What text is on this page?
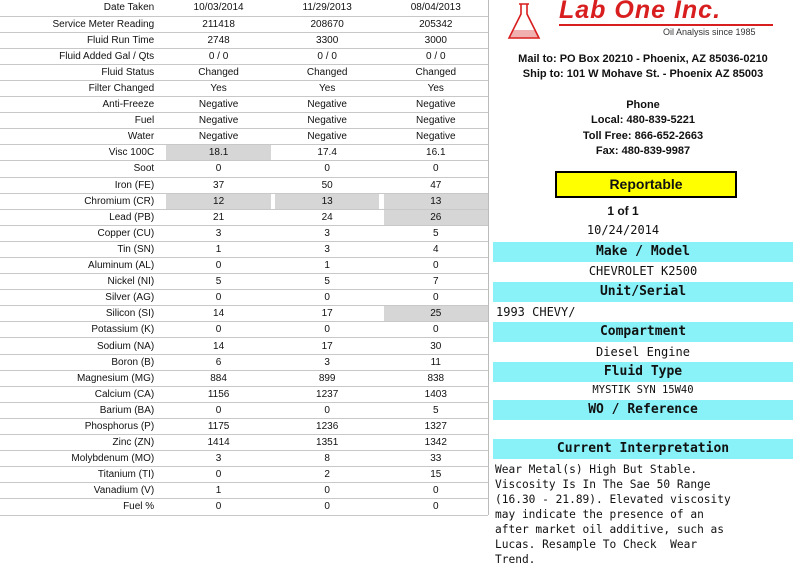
Date Taken		10/03/2014		11/29/2013		08/04/2013
Service Meter Reading		211418		208670		205342
Fluid Run Time		2748		3300		3000
Fluid Added Gal / Qts		0 / 0		0 / 0		0 / 0
Fluid Status		Changed		Changed		Changed
Filter Changed		Yes		Yes		Yes
Anti-Freeze		Negative		Negative		Negative
Fuel		Negative		Negative		Negative
Water		Negative		Negative		Negative
Visc 100C		18.1		17.4		16.1
Soot		0		0		0
Iron (FE)		37		50		47
Chromium (CR)		12		13		13
Lead (PB)		21		24		26
Copper (CU)		3		3		5
Tin (SN)		1		3		4
Aluminum (AL)		0		1		0
Nickel (NI)		5		5		7
Silver (AG)		0		0		0
Silicon (SI)		14		17		25
Potassium (K)		0		0		0
Sodium (NA)		14		17		30
Boron (B)		6		3		11
Magnesium (MG)		884		899		838
Calcium (CA)		1156		1237		1403
Barium (BA)		0		0		5
Phosphorus (P)		1175		1236		1327
Zinc (ZN)		1414		1351		1342
Molybdenum (MO)		3		8		33
Titanium (TI)		0		2		15
Vanadium (V)		1		0		0
Fuel %		0		0		0
Lab One Inc.
Oil Analysis since 1985
Mail to: PO Box 20210 - Phoenix, AZ 85036-0210
Ship to: 101 W Mohave St. - Phoenix AZ 85003
Phone
Local: 480-839-5221
Toll Free: 866-652-2663
Fax: 480-839-9987
Reportable
1 of 1
10/24/2014
Make / Model
CHEVROLET K2500
Unit/Serial
1993 CHEVY/
Compartment
Diesel Engine
Fluid Type
MYSTIK SYN 15W40
WO / Reference
Current Interpretation
Wear Metal(s) High But Stable.
Viscosity Is In The Sae 50 Range
(16.30 - 21.89). Elevated viscosity
may indicate the presence of an
after market oil additive, such as
Lucas. Resample To Check  Wear
Trend.
